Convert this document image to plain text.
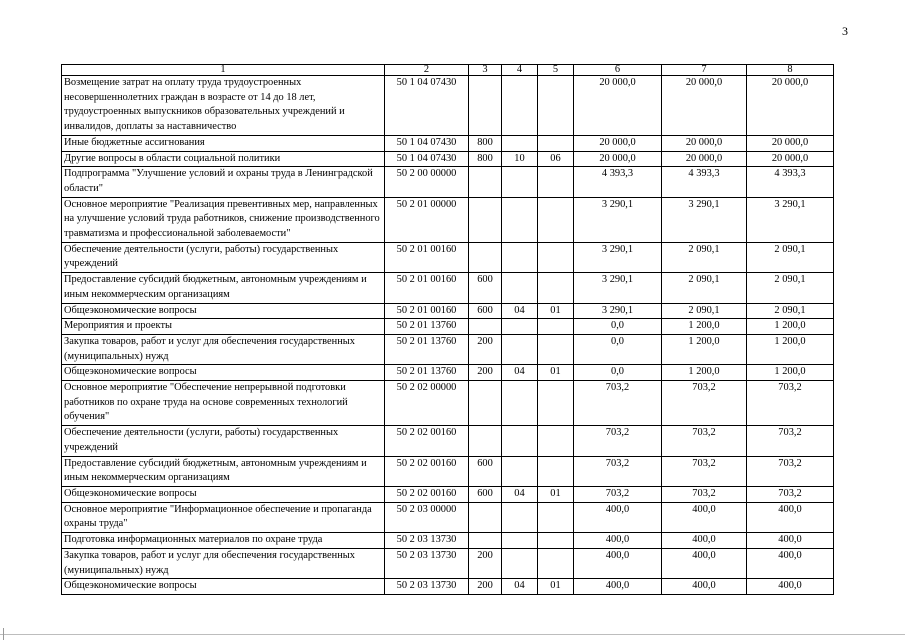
3
1	2	3	4	5	6	7	8
Возмещение затрат на оплату труда трудоустроенных несовершеннолетних граждан в возрасте от 14 до 18 лет, трудоустроенных выпускников образовательных учреждений и инвалидов, доплаты за наставничество	50 1 04 07430				20 000,0	20 000,0	20 000,0
Иные бюджетные ассигнования	50 1 04 07430	800			20 000,0	20 000,0	20 000,0
Другие вопросы в области социальной политики	50 1 04 07430	800	10	06	20 000,0	20 000,0	20 000,0
Подпрограмма "Улучшение условий и охраны труда в Ленинградской области"	50 2 00 00000				4 393,3	4 393,3	4 393,3
Основное мероприятие "Реализация превентивных мер, направленных на улучшение условий труда работников, снижение производственного травматизма и профессиональной заболеваемости"	50 2 01 00000				3 290,1	3 290,1	3 290,1
Обеспечение деятельности (услуги, работы) государственных учреждений	50 2 01 00160				3 290,1	2 090,1	2 090,1
Предоставление субсидий бюджетным, автономным учреждениям и иным некоммерческим организациям	50 2 01 00160	600			3 290,1	2 090,1	2 090,1
Общеэкономические вопросы	50 2 01 00160	600	04	01	3 290,1	2 090,1	2 090,1
Мероприятия и проекты	50 2 01 13760				0,0	1 200,0	1 200,0
Закупка товаров, работ и услуг для обеспечения государственных (муниципальных) нужд	50 2 01 13760	200			0,0	1 200,0	1 200,0
Общеэкономические вопросы	50 2 01 13760	200	04	01	0,0	1 200,0	1 200,0
Основное мероприятие "Обеспечение непрерывной подготовки работников по охране труда на основе современных технологий обучения"	50 2 02 00000				703,2	703,2	703,2
Обеспечение деятельности (услуги, работы) государственных учреждений	50 2 02 00160				703,2	703,2	703,2
Предоставление субсидий бюджетным, автономным учреждениям и иным некоммерческим организациям	50 2 02 00160	600			703,2	703,2	703,2
Общеэкономические вопросы	50 2 02 00160	600	04	01	703,2	703,2	703,2
Основное мероприятие "Информационное обеспечение и пропаганда охраны труда"	50 2 03 00000				400,0	400,0	400,0
Подготовка информационных материалов по охране труда	50 2 03 13730				400,0	400,0	400,0
Закупка товаров, работ и услуг для обеспечения государственных (муниципальных) нужд	50 2 03 13730	200			400,0	400,0	400,0
Общеэкономические вопросы	50 2 03 13730	200	04	01	400,0	400,0	400,0
